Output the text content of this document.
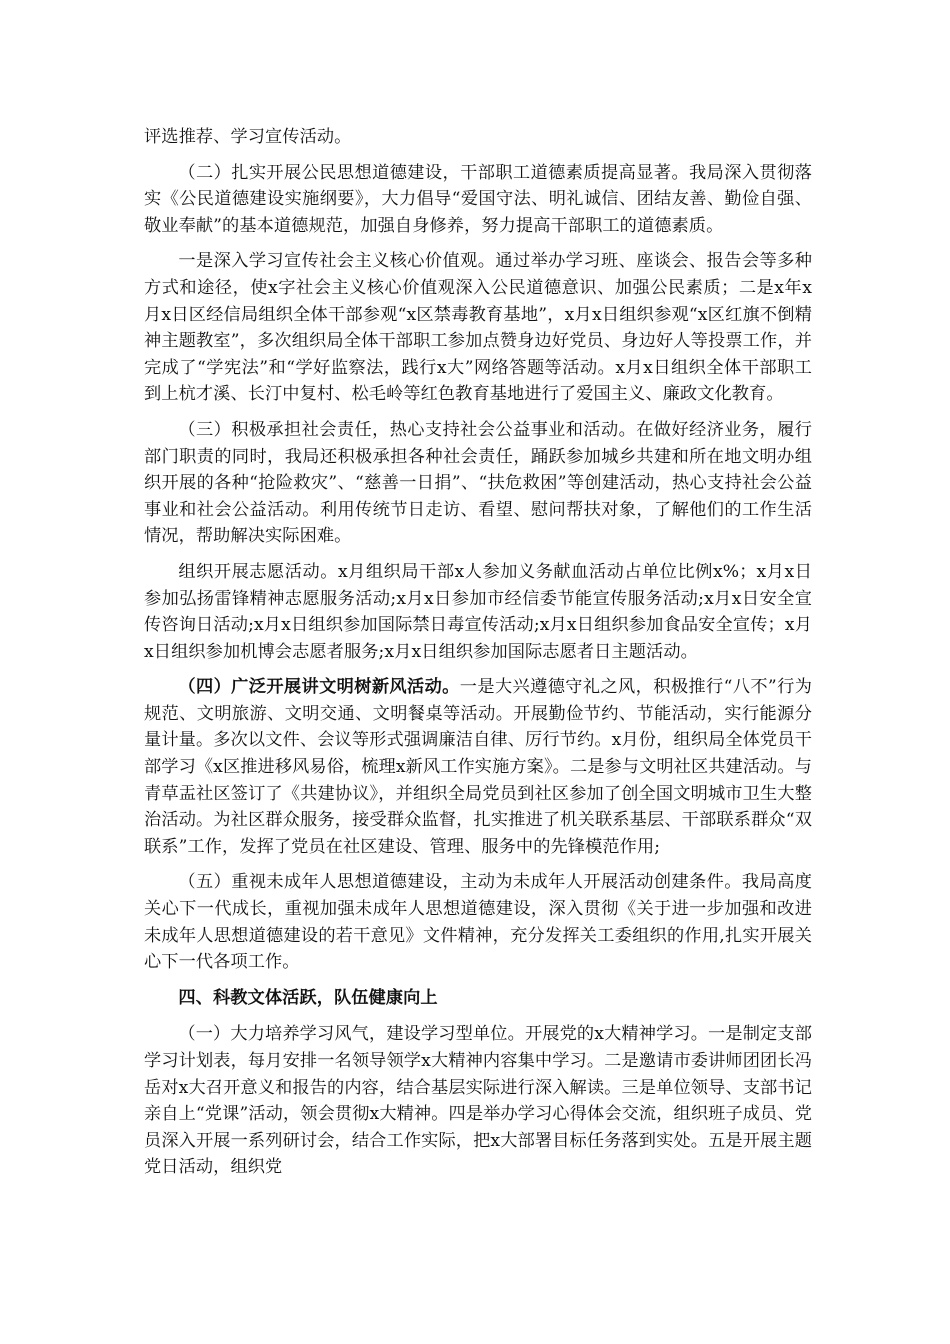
评选推荐、学习宣传活动。

（二）扎实开展公民思想道德建设，干部职工道德素质提高显著。我局深入贯彻落实《公民道德建设实施纲要》，大力倡导“爱国守法、明礼诚信、团结友善、勤俭自强、敬业奉献”的基本道德规范，加强自身修养，努力提高干部职工的道德素质。

一是深入学习宣传社会主义核心价值观。通过举办学习班、座谈会、报告会等多种方式和途径，使x字社会主义核心价值观深入公民道德意识、加强公民素质；二是x年x月x日区经信局组织全体干部参观“x区禁毒教育基地”，x月x日组织参观“x区红旗不倒精神主题教室”，多次组织局全体干部职工参加点赞身边好党员、身边好人等投票工作，并完成了“学宪法”和“学好监察法，践行x大”网络答题等活动。x月x日组织全体干部职工到上杭才溪、长汀中复村、松毛岭等红色教育基地进行了爱国主义、廉政文化教育。

（三）积极承担社会责任，热心支持社会公益事业和活动。在做好经济业务，履行部门职责的同时，我局还积极承担各种社会责任，踊跃参加城乡共建和所在地文明办组织开展的各种“抢险救灾”、“慈善一日捐”、“扶危救困”等创建活动，热心支持社会公益事业和社会公益活动。利用传统节日走访、看望、慰问帮扶对象，了解他们的工作生活情况，帮助解决实际困难。

组织开展志愿活动。x月组织局干部x人参加义务献血活动占单位比例x%；x月x日参加弘扬雷锋精神志愿服务活动;x月x日参加市经信委节能宣传服务活动;x月x日安全宣传咨询日活动;x月x日组织参加国际禁日毒宣传活动;x月x日组织参加食品安全宣传；x月x日组织参加机博会志愿者服务;x月x日组织参加国际志愿者日主题活动。

（四）广泛开展讲文明树新风活动。一是大兴遵德守礼之风，积极推行“八不”行为规范、文明旅游、文明交通、文明餐桌等活动。开展勤俭节约、节能活动，实行能源分量计量。多次以文件、会议等形式强调廉洁自律、厉行节约。x月份，组织局全体党员干部学习《x区推进移风易俗，梳理x新风工作实施方案》。二是参与文明社区共建活动。与青草盂社区签订了《共建协议》，并组织全局党员到社区参加了创全国文明城市卫生大整治活动。为社区群众服务，接受群众监督，扎实推进了机关联系基层、干部联系群众“双联系”工作，发挥了党员在社区建设、管理、服务中的先锋模范作用;

（五）重视未成年人思想道德建设，主动为未成年人开展活动创建条件。我局高度关心下一代成长，重视加强未成年人思想道德建设，深入贯彻《关于进一步加强和改进未成年人思想道德建设的若干意见》文件精神，充分发挥关工委组织的作用,扎实开展关心下一代各项工作。

四、科教文体活跃，队伍健康向上

（一）大力培养学习风气，建设学习型单位。开展党的x大精神学习。一是制定支部学习计划表，每月安排一名领导领学x大精神内容集中学习。二是邀请市委讲师团团长冯岳对x大召开意义和报告的内容，结合基层实际进行深入解读。三是单位领导、支部书记亲自上“党课”活动，领会贯彻x大精神。四是举办学习心得体会交流，组织班子成员、党员深入开展一系列研讨会，结合工作实际，把x大部署目标任务落到实处。五是开展主题党日活动，组织党
